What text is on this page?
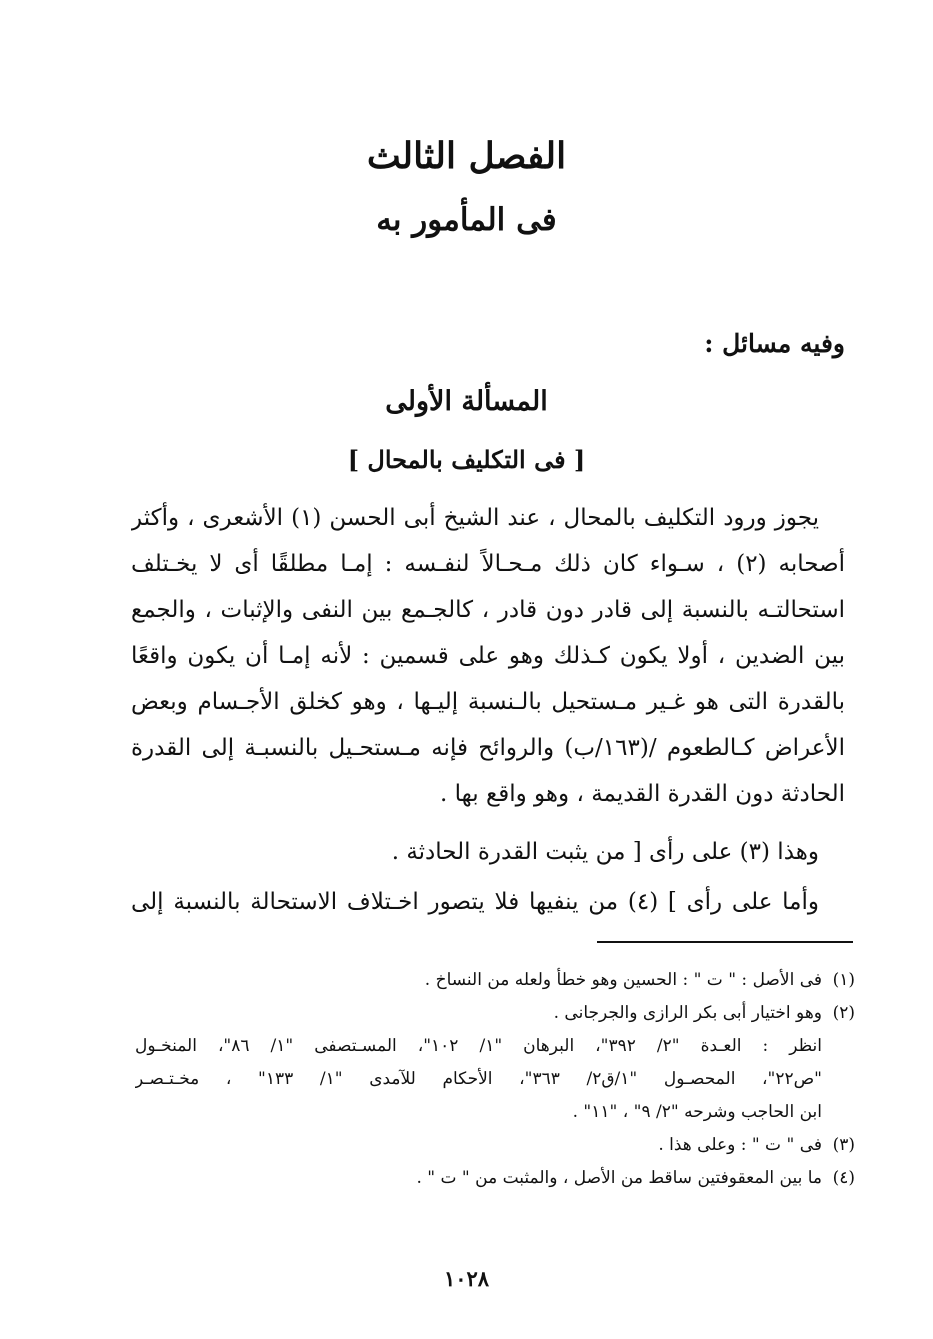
الفصل الثالث
فى المأمور به
وفيه مسائل :
المسألة الأولى
[ فى التكليف بالمحال ]
يجوز ورود التكليف بالمحال ، عند الشيخ أبى الحسن (١) الأشعرى ، وأكثر
أصحابه (٢) ، سـواء كان ذلك مـحـالاً لنفـسه : إمـا مطلقًا أى لا يخـتلف
استحالتـه بالنسبة إلى قادر دون قادر ، كالجـمع بين النفى والإثبات ، والجمع
بين الضدين ، أولا يكون كـذلك وهو على قسمين : لأنه إمـا أن يكون واقعًا
بالقدرة التى هو غـير مـستحيل بالـنسبة إليـها ، وهو كخلق الأجـسام وبعض
الأعراض كـالطعوم /(١٦٣/ب) والروائح فإنه مـستحـيل بالنسبـة إلى القدرة
الحادثة دون القدرة القديمة ، وهو واقع بها .
وهذا (٣) على رأى [ من يثبت القدرة الحادثة .
وأما على رأى ] (٤) من ينفيها فلا يتصور اخـتلاف الاستحالة بالنسبة إلى
(١)فى الأصل : " ت " : الحسين وهو خطأ ولعله من النساخ .
(٢)وهو اختيار أبى بكر الرازى والجرجانى .
انظر : العـدة "٢/ ٣٩٢"، البرهان "١/ ١٠٢"، المسـتصفى "١/ ٨٦"، المنخـول
"ص٢٢"، المحصـول "١/ق٢/ ٣٦٣"، الأحكام للآمدى "١/ ١٣٣" ، مخـتـصـر
ابن الحاجب وشرحه "٢/ ٩" ، "١١" .
(٣)فى " ت " : وعلى هذا .
(٤)ما بين المعقوفتين ساقط من الأصل ، والمثبت من " ت " .
١٠٢٨
